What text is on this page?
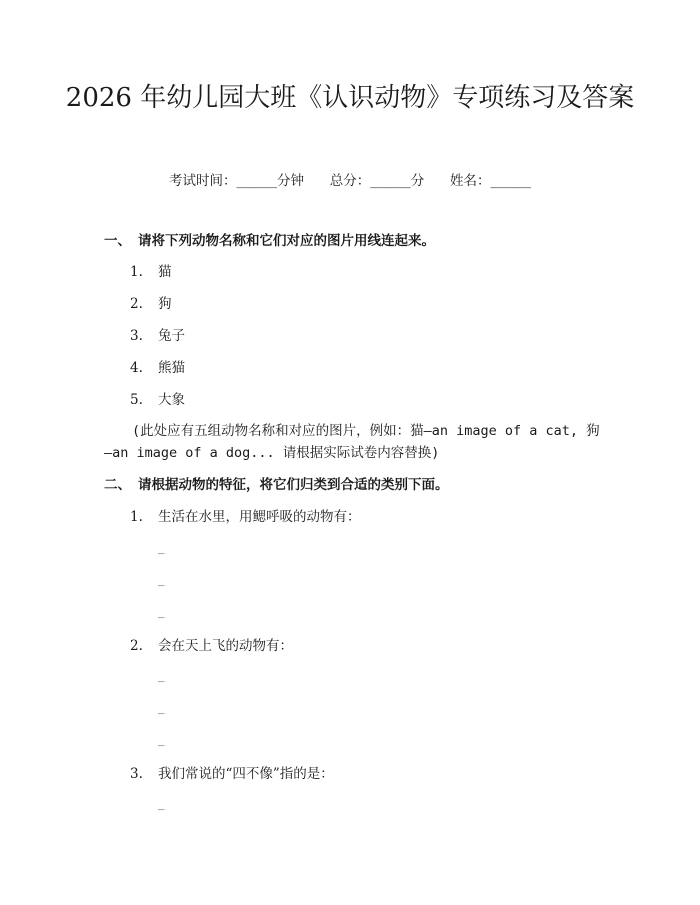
2026 年幼儿园大班《认识动物》专项练习及答案
考试时间：______分钟 总分：______分 姓名：______
一、 请将下列动物名称和它们对应的图片用线连起来。
1. 猫
2. 狗
3. 兔子
4. 熊猫
5. 大象
(此处应有五组动物名称和对应的图片，例如：猫—an image of a cat, 狗—an image of a dog... 请根据实际试卷内容替换)
二、 请根据动物的特征，将它们归类到合适的类别下面。
1. 生活在水里，用鳃呼吸的动物有：
_
_
_
2. 会在天上飞的动物有：
_
_
_
3. 我们常说的“四不像”指的是：
_
